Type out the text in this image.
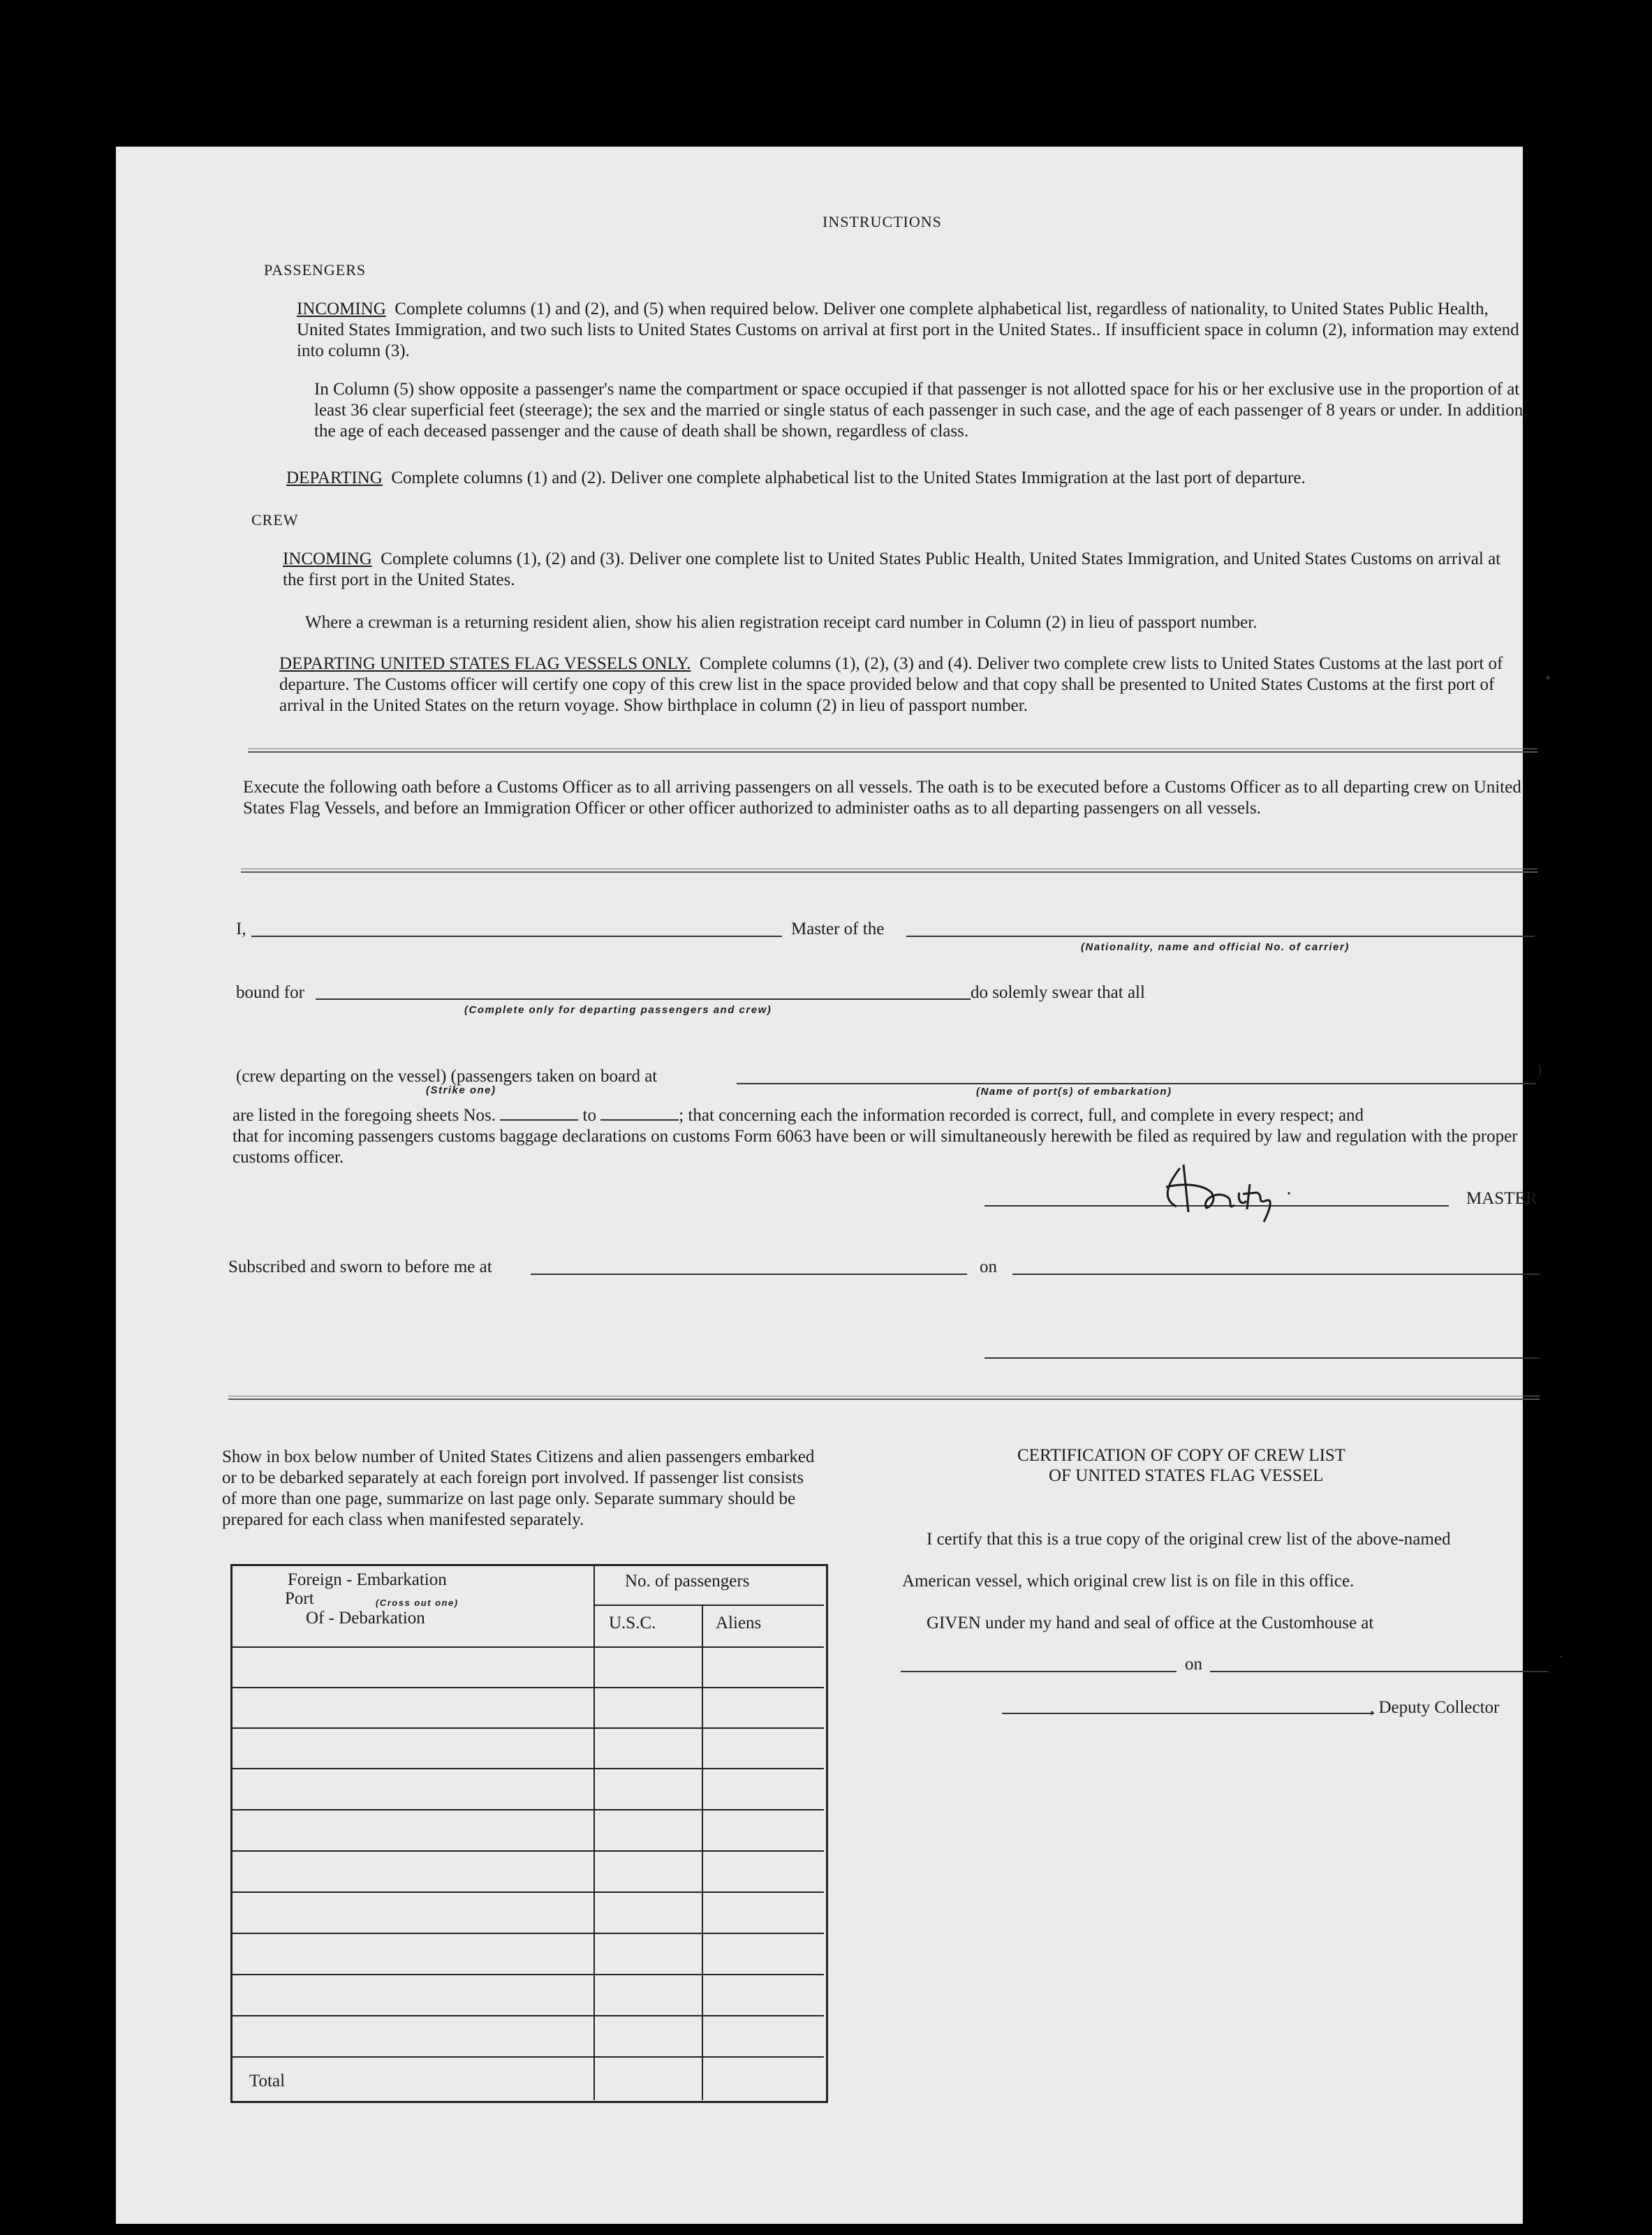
INSTRUCTIONS
PASSENGERS
INCOMING Complete columns (1) and (2), and (5) when required below. Deliver one complete alphabetical list, regardless of nationality, to United States Public Health, United States Immigration, and two such lists to United States Customs on arrival at first port in the United States.. If insufficient space in column (2), information may extend into column (3).
In Column (5) show opposite a passenger's name the compartment or space occupied if that passenger is not allotted space for his or her exclusive use in the proportion of at least 36 clear superficial feet (steerage); the sex and the married or single status of each passenger in such case, and the age of each passenger of 8 years or under. In addition, the age of each deceased passenger and the cause of death shall be shown, regardless of class.
DEPARTING Complete columns (1) and (2). Deliver one complete alphabetical list to the United States Immigration at the last port of departure.
CREW
INCOMING Complete columns (1), (2) and (3). Deliver one complete list to United States Public Health, United States Immigration, and United States Customs on arrival at the first port in the United States.
Where a crewman is a returning resident alien, show his alien registration receipt card number in Column (2) in lieu of passport number.
DEPARTING UNITED STATES FLAG VESSELS ONLY. Complete columns (1), (2), (3) and (4). Deliver two complete crew lists to United States Customs at the last port of departure. The Customs officer will certify one copy of this crew list in the space provided below and that copy shall be presented to United States Customs at the first port of arrival in the United States on the return voyage. Show birthplace in column (2) in lieu of passport number.
Execute the following oath before a Customs Officer as to all arriving passengers on all vessels. The oath is to be executed before a Customs Officer as to all departing crew on United States Flag Vessels, and before an Immigration Officer or other officer authorized to administer oaths as to all departing passengers on all vessels.
I,	Master of the
(Nationality, name and official No. of carrier)
bound for	do solemly swear that all
(Complete only for departing passengers and crew)
(crew departing on the vessel) (passengers taken on board at	)
(Strike one)	(Name of port(s) of embarkation)
are listed in the foregoing sheets Nos.	to	; that concerning each the information recorded is correct, full, and complete in every respect; and
that for incoming passengers customs baggage declarations on customs Form 6063 have been or will simultaneously herewith be filed as required by law and regulation with the proper customs officer.
MASTER
Subscribed and sworn to before me at	on
Show in box below number of United States Citizens and alien passengers embarked or to be debarked separately at each foreign port involved. If passenger list consists of more than one page, summarize on last page only. Separate summary should be prepared for each class when manifested separately.
Foreign - Embarkation
Port	(Cross out one)
Of - Debarkation
No. of passengers
U.S.C.	Aliens
Total
CERTIFICATION OF COPY OF CREW LIST
OF UNITED STATES FLAG VESSEL
I certify that this is a true copy of the original crew list of the above-named
American vessel, which original crew list is on file in this office.
GIVEN under my hand and seal of office at the Customhouse at
on
, Deputy Collector
•
·
